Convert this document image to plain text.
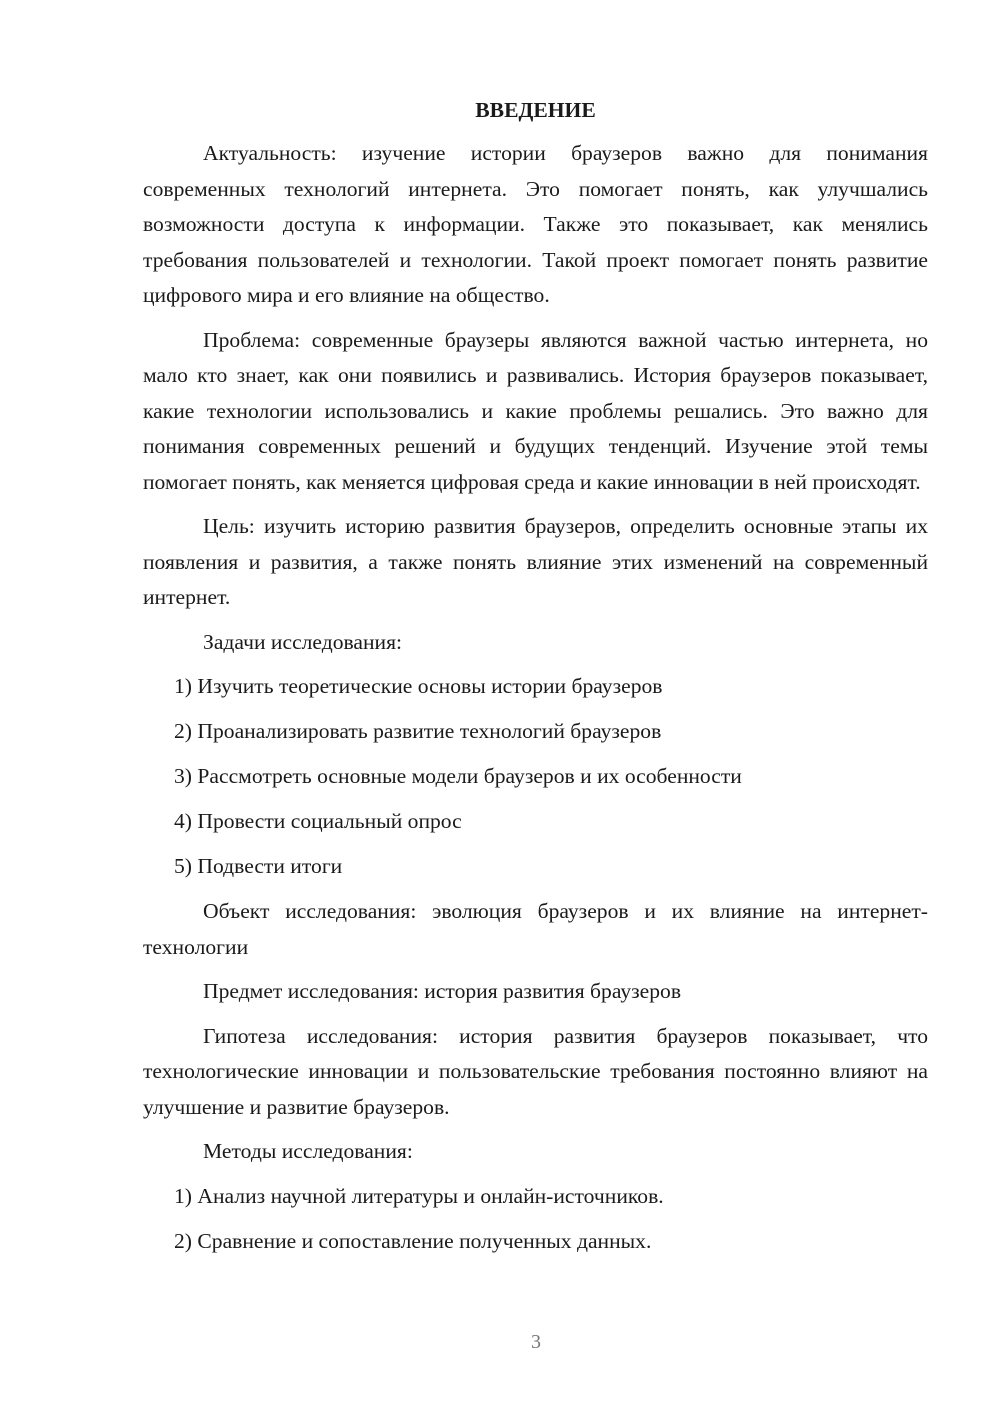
ВВЕДЕНИЕ
Актуальность: изучение истории браузеров важно для понимания современных технологий интернета. Это помогает понять, как улучшались возможности доступа к информации. Также это показывает, как менялись требования пользователей и технологии. Такой проект помогает понять развитие цифрового мира и его влияние на общество.
Проблема: современные браузеры являются важной частью интернета, но мало кто знает, как они появились и развивались. История браузеров показывает, какие технологии использовались и какие проблемы решались. Это важно для понимания современных решений и будущих тенденций. Изучение этой темы помогает понять, как меняется цифровая среда и какие инновации в ней происходят.
Цель: изучить историю развития браузеров, определить основные этапы их появления и развития, а также понять влияние этих изменений на современный интернет.
Задачи исследования:
1) Изучить теоретические основы истории браузеров
2) Проанализировать развитие технологий браузеров
3) Рассмотреть основные модели браузеров и их особенности
4) Провести социальный опрос
5) Подвести итоги
Объект исследования: эволюция браузеров и их влияние на интернет-технологии
Предмет исследования: история развития браузеров
Гипотеза исследования: история развития браузеров показывает, что технологические инновации и пользовательские требования постоянно влияют на улучшение и развитие браузеров.
Методы исследования:
1) Анализ научной литературы и онлайн-источников.
2) Сравнение и сопоставление полученных данных.
3
